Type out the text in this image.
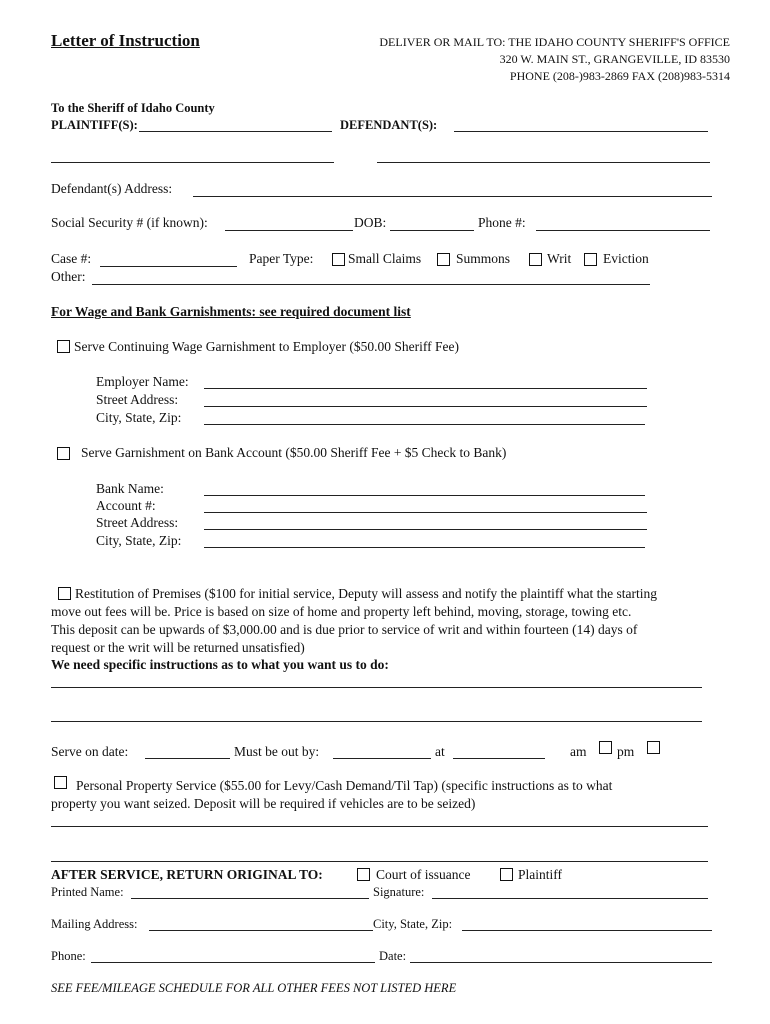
Letter of Instruction	DELIVER OR MAIL TO: THE IDAHO COUNTY SHERIFF'S OFFICE
320 W. MAIN ST., GRANGEVILLE, ID 83530
PHONE (208-)983-2869 FAX (208)983-5314
To the Sheriff of Idaho County
PLAINTIFF(S):	DEFENDANT(S):
Defendant(s) Address:
Social Security # (if known):	DOB:	Phone #:
Case #:	Paper Type:	Small Claims	Summons	Writ Eviction
Other:
For Wage and Bank Garnishments: see required document list
Serve Continuing Wage Garnishment to Employer ($50.00 Sheriff Fee)
Employer Name:
Street Address:
City, State, Zip:
Serve Garnishment on Bank Account ($50.00 Sheriff Fee + $5 Check to Bank)
Bank Name:
Account #:
Street Address:
City, State, Zip:
Restitution of Premises ($100 for initial service, Deputy will assess and notify the plaintiff what the starting
move out fees will be. Price is based on size of home and property left behind, moving, storage, towing etc.
This deposit can be upwards of $3,000.00 and is due prior to service of writ and within fourteen (14) days of
request or the writ will be returned unsatisfied)
We need specific instructions as to what you want us to do:
Serve on date:	Must be out by:	at	am pm
Personal Property Service ($55.00 for Levy/Cash Demand/Til Tap) (specific instructions as to what
property you want seized. Deposit will be required if vehicles are to be seized)
AFTER SERVICE, RETURN ORIGINAL TO:	Court of issuance	Plaintiff
Printed Name:	Signature:
Mailing Address:	City, State, Zip:
Phone:	Date:
SEE FEE/MILEAGE SCHEDULE FOR ALL OTHER FEES NOT LISTED HERE
